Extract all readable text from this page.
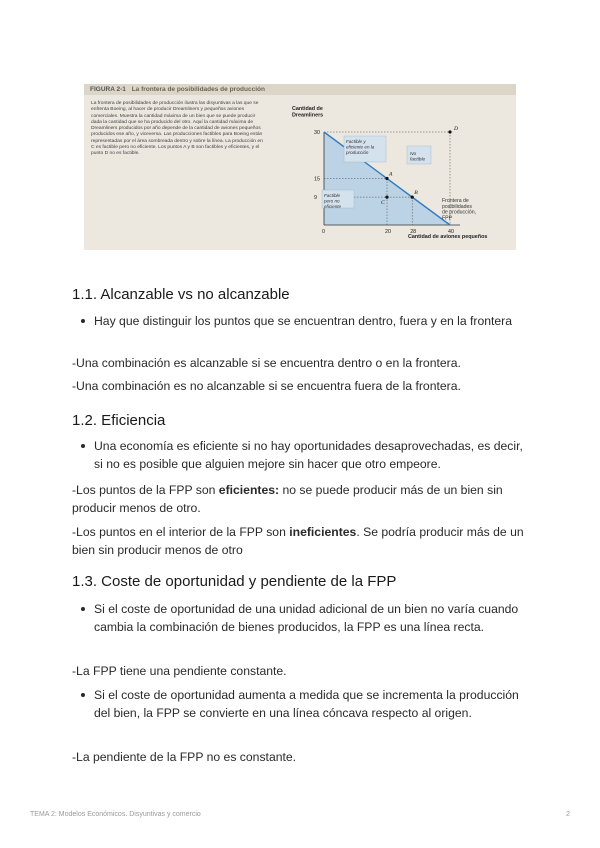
FIGURA 2-1 La frontera de posibilidades de producción
La frontera de posibilidades de producción ilustra las disyuntivas a las que se enfrenta Boeing, al hacer de producir Dreamliners y pequeños aviones comerciales. Muestra la cantidad máxima de un bien que se puede producir dada la cantidad que se ha producido del otro. Aquí la cantidad máxima de Dreamliners producidos por año depende de la cantidad de aviones pequeños producidos ese año, y viceversa. Las producciones factibles para Boeing están representadas por el área sombreada dentro y sobre la línea. La producción en C es factible pero no eficiente. Los puntos A y B son factibles y eficientes, y el punto D no es factible.
Factible y eficiente en la producción	No factible
Factible pero no eficiente
Frontera de posibilidades de producción, FPP
Cantidad de Dreamliners
Cantidad de aviones pequeños
0	20	28	40
30
15
9
A
B
C
D
1.1. Alcanzable vs no alcanzable
Hay que distinguir los puntos que se encuentran dentro, fuera y en la frontera
-Una combinación es alcanzable si se encuentra dentro o en la frontera.
-Una combinación es no alcanzable si se encuentra fuera de la frontera.
1.2. Eficiencia
Una economía es eficiente si no hay oportunidades desaprovechadas, es decir, si no es posible que alguien mejore sin hacer que otro empeore.
-Los puntos de la FPP son eficientes: no se puede producir más de un bien sin producir menos de otro.
-Los puntos en el interior de la FPP son ineficientes. Se podría producir más de un bien sin producir menos de otro
1.3. Coste de oportunidad y pendiente de la FPP
Si el coste de oportunidad de una unidad adicional de un bien no varía cuando cambia la combinación de bienes producidos, la FPP es una línea recta.
-La FPP tiene una pendiente constante.
Si el coste de oportunidad aumenta a medida que se incrementa la producción del bien, la FPP se convierte en una línea cóncava respecto al origen.
-La pendiente de la FPP no es constante.
TEMA 2: Modelos Económicos. Disyuntivas y comercio	2
